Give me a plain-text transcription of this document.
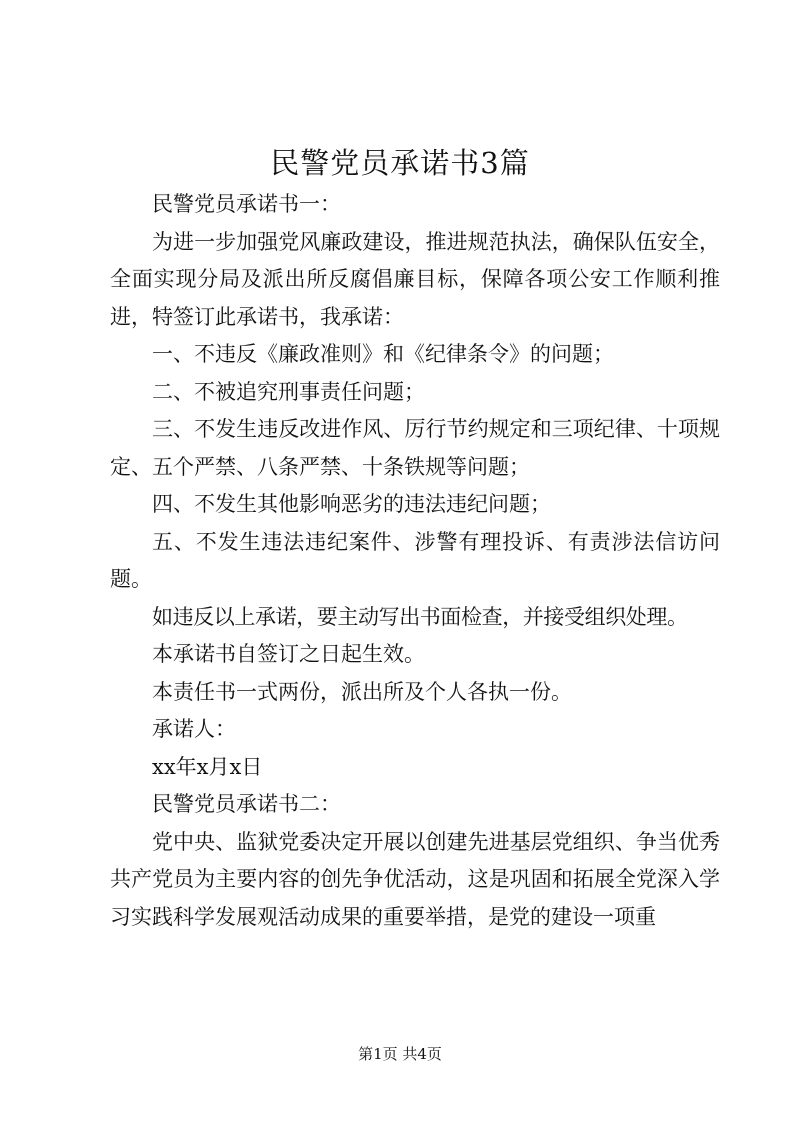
民警党员承诺书3篇

民警党员承诺书一：

为进一步加强党风廉政建设，推进规范执法，确保队伍安全，全面实现分局及派出所反腐倡廉目标，保障各项公安工作顺利推进，特签订此承诺书，我承诺：

一、不违反《廉政准则》和《纪律条令》的问题；

二、不被追究刑事责任问题；

三、不发生违反改进作风、厉行节约规定和三项纪律、十项规定、五个严禁、八条严禁、十条铁规等问题；

四、不发生其他影响恶劣的违法违纪问题；

五、不发生违法违纪案件、涉警有理投诉、有责涉法信访问题。

如违反以上承诺，要主动写出书面检查，并接受组织处理。

本承诺书自签订之日起生效。

本责任书一式两份，派出所及个人各执一份。

承诺人：

xx年x月x日

民警党员承诺书二：

党中央、监狱党委决定开展以创建先进基层党组织、争当优秀共产党员为主要内容的创先争优活动，这是巩固和拓展全党深入学习实践科学发展观活动成果的重要举措，是党的建设一项重

第1页 共4页
